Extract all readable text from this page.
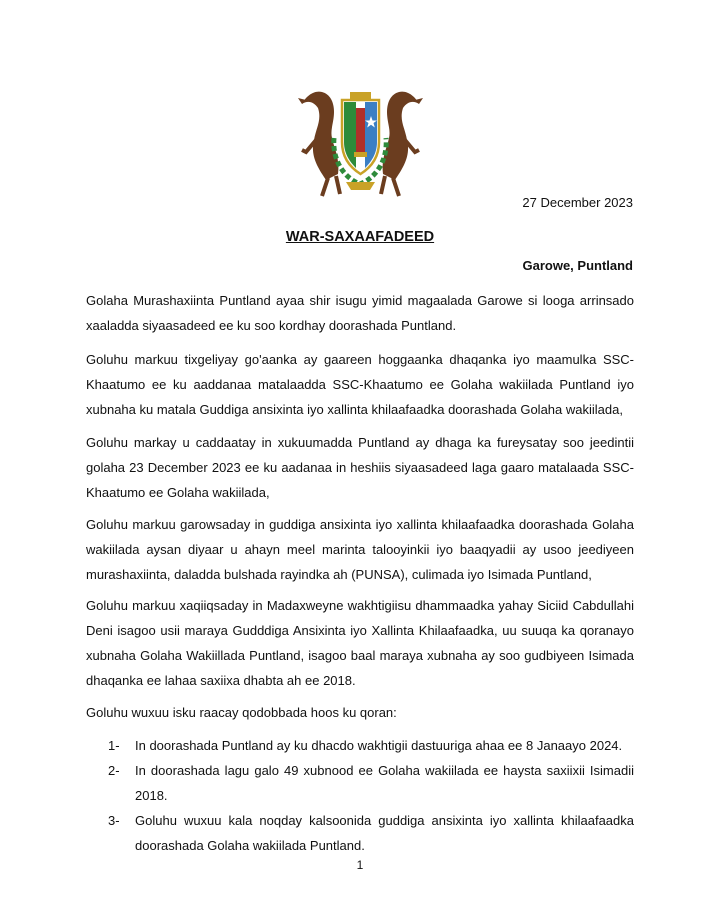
27 December 2023
WAR-SAXAAFADEED
Garowe, Puntland

Golaha Murashaxiinta Puntland ayaa shir isugu yimid magaalada Garowe si looga arrinsado xaaladda siyaasadeed ee ku soo kordhay doorashada Puntland.

Goluhu markuu tixgeliyay go'aanka ay gaareen hoggaanka dhaqanka iyo maamulka SSC-Khaatumo ee ku aaddanaa matalaadda SSC-Khaatumo ee Golaha wakiilada Puntland iyo xubnaha ku matala Guddiga ansixinta iyo xallinta khilaafaadka doorashada Golaha wakiilada,

Goluhu markay u caddaatay in xukuumadda Puntland ay dhaga ka fureysatay soo jeedintii golaha 23 December 2023 ee ku aadanaa in heshiis siyaasadeed laga gaaro matalaada SSC-Khaatumo ee Golaha wakiilada,

Goluhu markuu garowsaday in guddiga ansixinta iyo xallinta khilaafaadka doorashada Golaha wakiilada aysan diyaar u ahayn meel marinta talooyinkii iyo baaqyadii ay usoo jeediyeen murashaxiinta, daladda bulshada rayindka ah (PUNSA), culimada iyo Isimada Puntland,

Goluhu markuu xaqiiqsaday in Madaxweyne wakhtigiisu dhammaadka yahay Siciid Cabdullahi Deni isagoo usii maraya Gudddiga Ansixinta iyo Xallinta Khilaafaadka, uu suuqa ka qoranayo xubnaha Golaha Wakiillada Puntland, isagoo baal maraya xubnaha ay soo gudbiyeen Isimada dhaqanka ee lahaa saxiixa dhabta ah ee 2018.

Goluhu wuxuu isku raacay qodobbada hoos ku qoran:

1-	In doorashada Puntland ay ku dhacdo wakhtigii dastuuriga ahaa ee 8 Janaayo 2024.
2-	In doorashada lagu galo 49 xubnood ee Golaha wakiilada ee haysta saxiixii Isimadii 2018.
3-	Goluhu wuxuu kala noqday kalsoonida guddiga ansixinta iyo xallinta khilaafaadka doorashada Golaha wakiilada Puntland.
1
